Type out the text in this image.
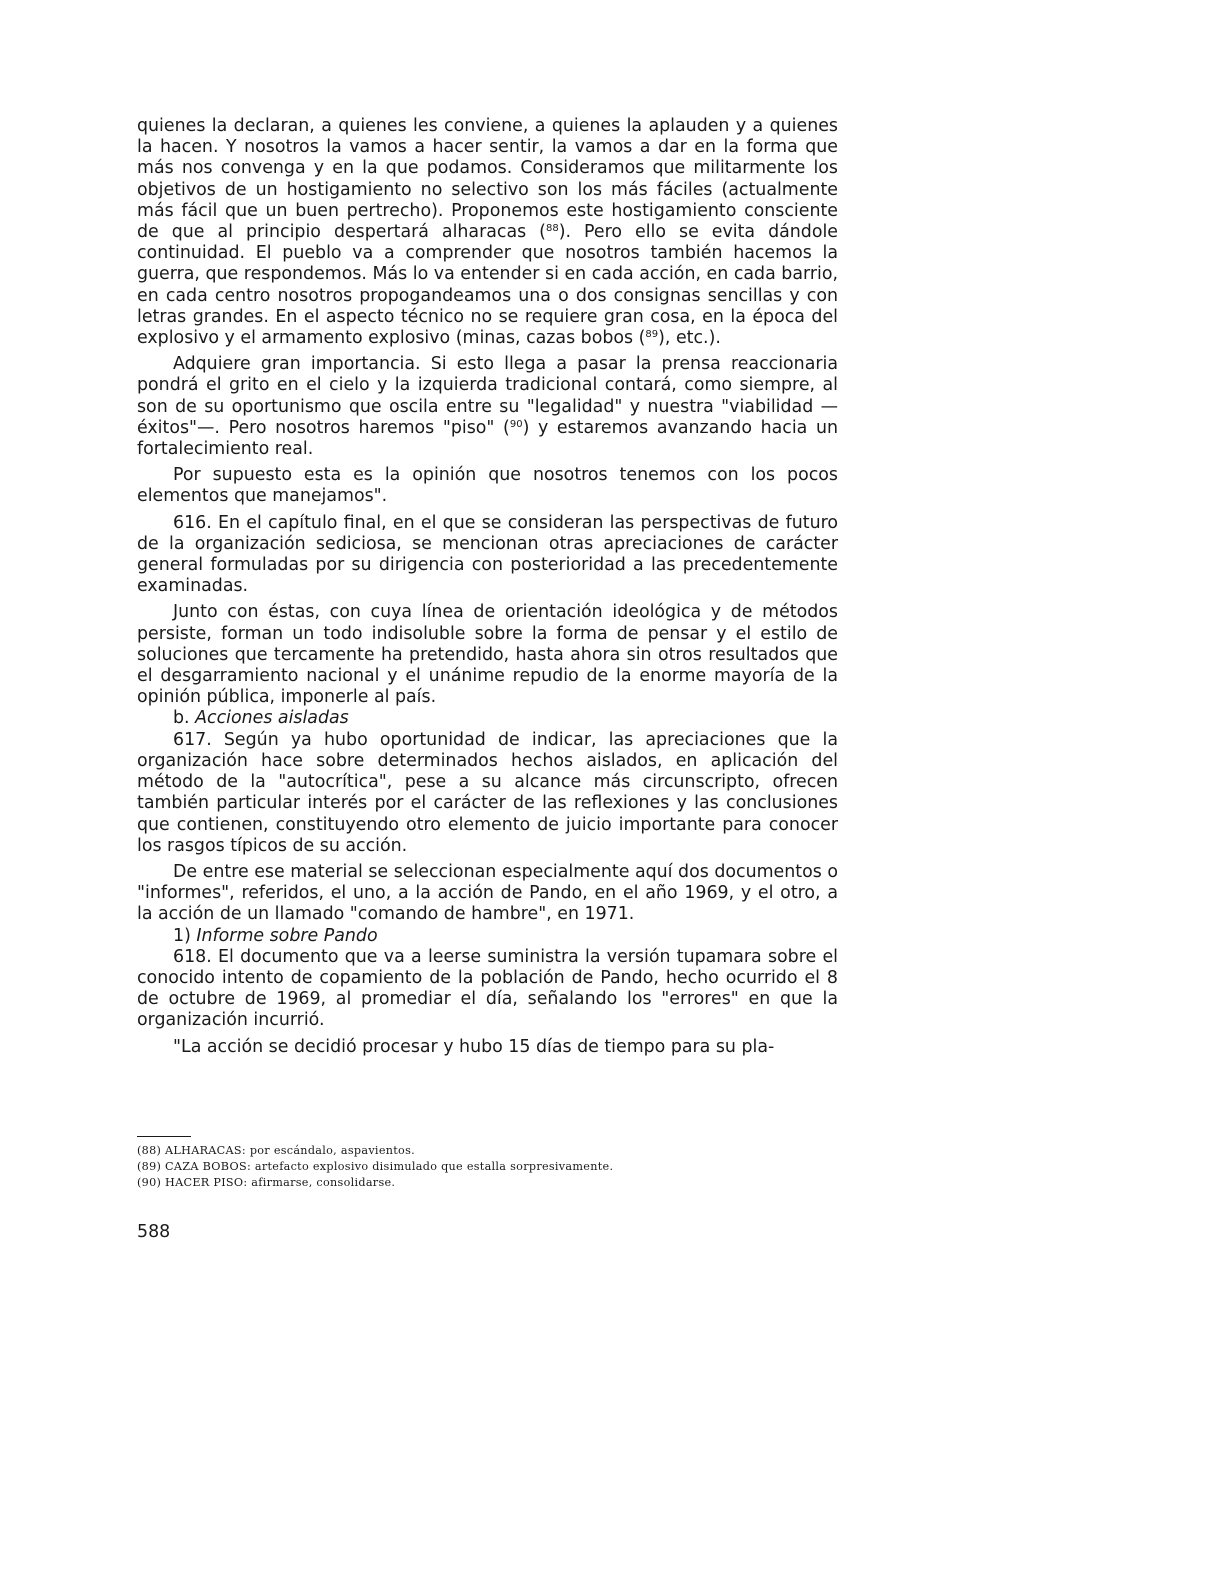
quienes la declaran, a quienes les conviene, a quienes la aplauden y a quienes la hacen. Y nosotros la vamos a hacer sentir, la vamos a dar en la forma que más nos convenga y en la que podamos. Consideramos que militarmente los objetivos de un hostigamiento no selectivo son los más fáciles (actualmente más fácil que un buen pertrecho). Proponemos este hostigamiento consciente de que al principio despertará alharacas ($^{88}$). Pero ello se evita dándole continuidad. El pueblo va a comprender que nosotros también hacemos la guerra, que respondemos. Más lo va entender si en cada acción, en cada barrio, en cada centro nosotros propogandeamos una o dos consignas sencillas y con letras grandes. En el aspecto técnico no se requiere gran cosa, en la época del explosivo y el armamento explosivo (minas, cazas bobos ($^{89}$), etc.).

Adquiere gran importancia. Si esto llega a pasar la prensa reaccionaria pondrá el grito en el cielo y la izquierda tradicional contará, como siempre, al son de su oportunismo que oscila entre su "legalidad" y nuestra "viabilidad —éxitos"—. Pero nosotros haremos "piso" ($^{90}$) y estaremos avanzando hacia un fortalecimiento real.

Por supuesto esta es la opinión que nosotros tenemos con los pocos elementos que manejamos".

616. En el capítulo final, en el que se consideran las perspectivas de futuro de la organización sediciosa, se mencionan otras apreciaciones de carácter general formuladas por su dirigencia con posterioridad a las precedentemente examinadas.

Junto con éstas, con cuya línea de orientación ideológica y de métodos persiste, forman un todo indisoluble sobre la forma de pensar y el estilo de soluciones que tercamente ha pretendido, hasta ahora sin otros resultados que el desgarramiento nacional y el unánime repudio de la enorme mayoría de la opinión pública, imponerle al país.

b. Acciones aisladas

617. Según ya hubo oportunidad de indicar, las apreciaciones que la organización hace sobre determinados hechos aislados, en aplicación del método de la "autocrítica", pese a su alcance más circunscripto, ofrecen también particular interés por el carácter de las reflexiones y las conclusiones que contienen, constituyendo otro elemento de juicio importante para conocer los rasgos típicos de su acción.

De entre ese material se seleccionan especialmente aquí dos documentos o "informes", referidos, el uno, a la acción de Pando, en el año 1969, y el otro, a la acción de un llamado "comando de hambre", en 1971.

1) Informe sobre Pando

618. El documento que va a leerse suministra la versión tupamara sobre el conocido intento de copamiento de la población de Pando, hecho ocurrido el 8 de octubre de 1969, al promediar el día, señalando los "errores" en que la organización incurrió.

"La acción se decidió procesar y hubo 15 días de tiempo para su pla-

(88) ALHARACAS: por escándalo, aspavientos.

(89) CAZA BOBOS: artefacto explosivo disimulado que estalla sorpresivamente.

(90) HACER PISO: afirmarse, consolidarse.

588
